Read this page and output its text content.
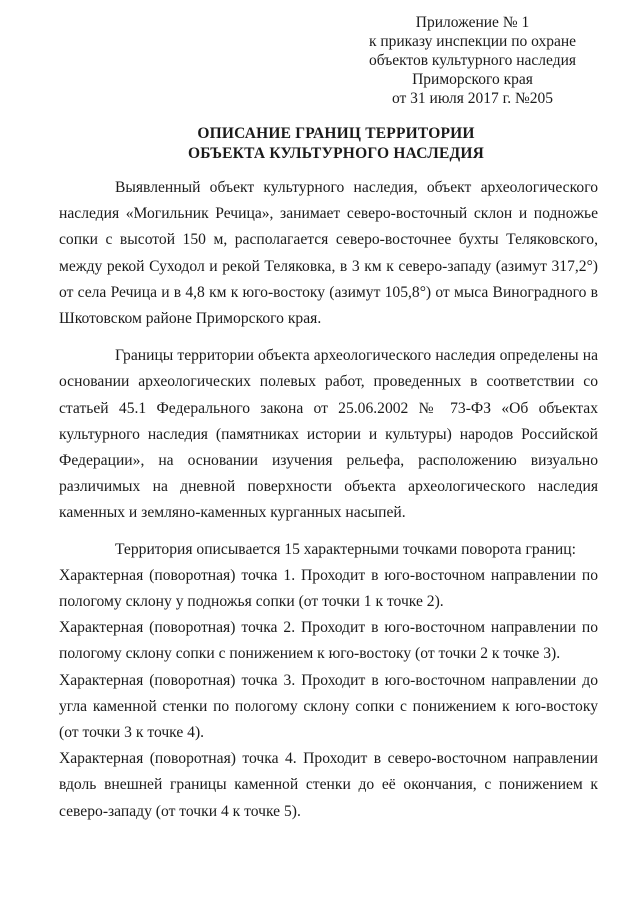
Приложение № 1
к приказу инспекции по охране
объектов культурного наследия
Приморского края
от 31 июля 2017 г. №205
ОПИСАНИЕ ГРАНИЦ ТЕРРИТОРИИ
ОБЪЕКТА КУЛЬТУРНОГО НАСЛЕДИЯ

Выявленный объект культурного наследия, объект археологического наследия «Могильник Речица», занимает северо-восточный склон и подножье сопки с высотой 150 м, располагается северо-восточнее бухты Теляковского, между рекой Суходол и рекой Теляковка, в 3 км к северо-западу (азимут 317,2°) от села Речица и в 4,8 км к юго-востоку (азимут 105,8°) от мыса Виноградного в Шкотовском районе Приморского края.

Границы территории объекта археологического наследия определены на основании археологических полевых работ, проведенных в соответствии со статьей 45.1 Федерального закона от 25.06.2002 № 73-ФЗ «Об объектах культурного наследия (памятниках истории и культуры) народов Российской Федерации», на основании изучения рельефа, расположению визуально различимых на дневной поверхности объекта археологического наследия каменных и земляно-каменных курганных насыпей.

Территория описывается 15 характерными точками поворота границ:

Характерная (поворотная) точка 1. Проходит в юго-восточном направлении по пологому склону у подножья сопки (от точки 1 к точке 2).

Характерная (поворотная) точка 2. Проходит в юго-восточном направлении по пологому склону сопки с понижением к юго-востоку (от точки 2 к точке 3).

Характерная (поворотная) точка 3. Проходит в юго-восточном направлении до угла каменной стенки по пологому склону сопки с понижением к юго-востоку (от точки 3 к точке 4).

Характерная (поворотная) точка 4. Проходит в северо-восточном направлении вдоль внешней границы каменной стенки до её окончания, с понижением к северо-западу (от точки 4 к точке 5).
